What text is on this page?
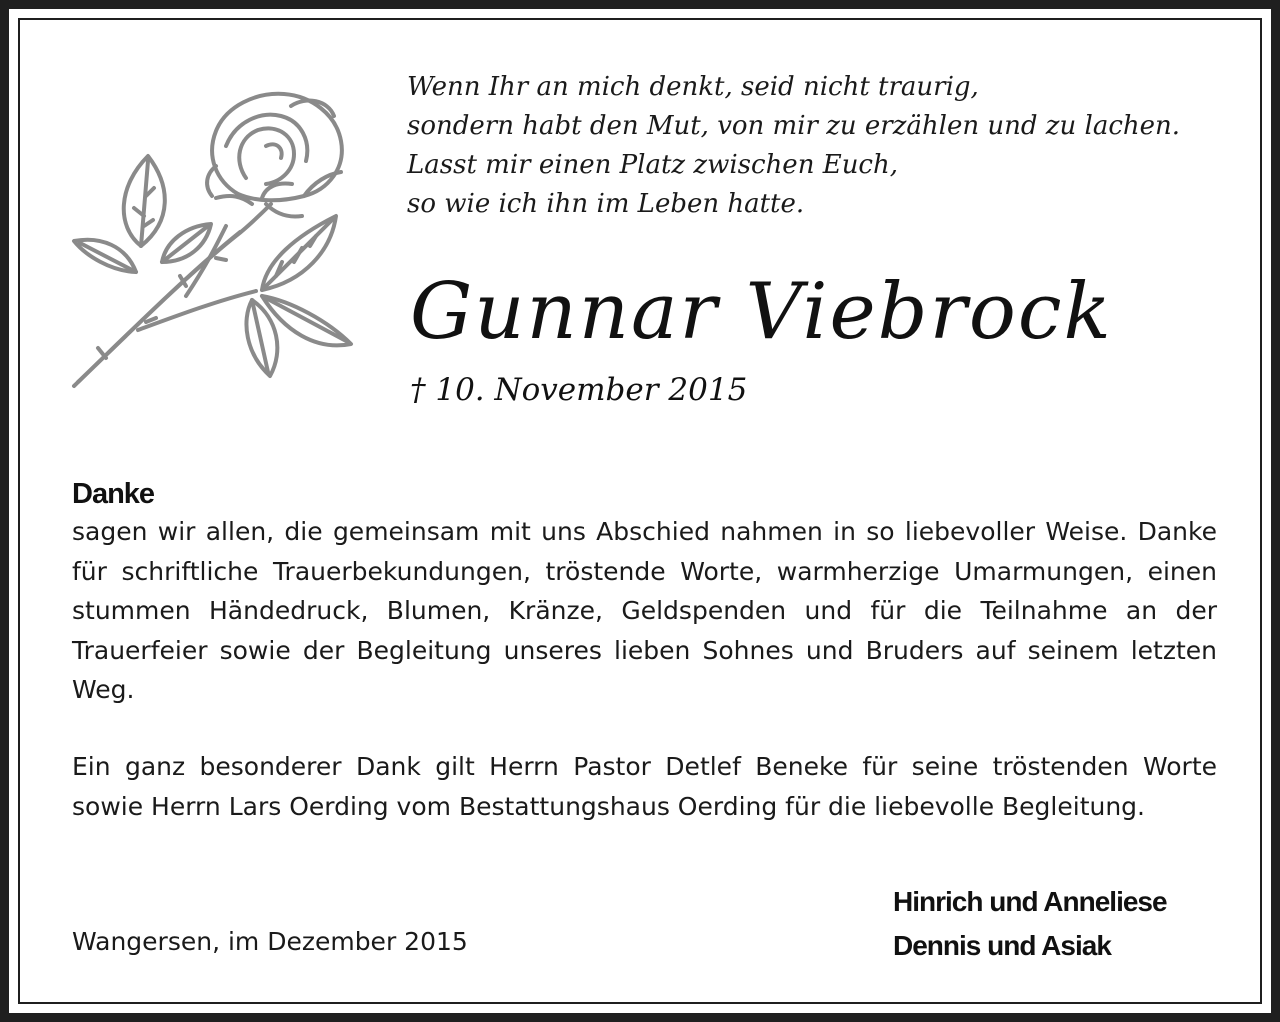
Wenn Ihr an mich denkt, seid nicht traurig,
sondern habt den Mut, von mir zu erzählen und zu lachen.
Lasst mir einen Platz zwischen Euch,
so wie ich ihn im Leben hatte.
Gunnar Viebrock
† 10. November 2015
Danke
sagen wir allen, die gemeinsam mit uns Abschied nahmen in so liebevoller Weise. Danke für schriftliche Trauerbekundungen, tröstende Worte, warmherzige Umarmungen, einen stummen Händedruck, Blumen, Kränze, Geldspenden und für die Teilnahme an der Trauerfeier sowie der Begleitung unseres lieben Sohnes und Bruders auf seinem letzten Weg.
Ein ganz besonderer Dank gilt Herrn Pastor Detlef Beneke für seine tröstenden Worte sowie Herrn Lars Oerding vom Bestattungshaus Oerding für die liebevolle Begleitung.
Wangersen, im Dezember 2015
Hinrich und Anneliese
Dennis und Asiak
